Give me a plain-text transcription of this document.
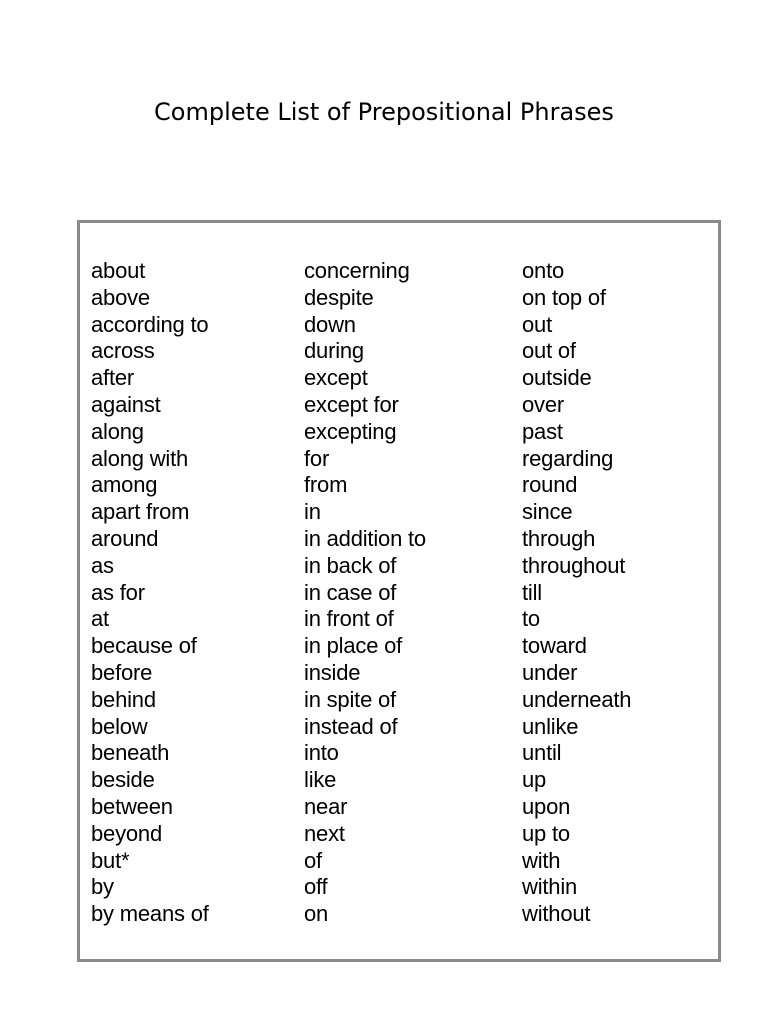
Complete List of Prepositional Phrases
about
above
according to
across
after
against
along
along with
among
apart from
around
as
as for
at
because of
before
behind
below
beneath
beside
between
beyond
but*
by
by means of
concerning
despite
down
during
except
except for
excepting
for
from
in
in addition to
in back of
in case of
in front of
in place of
inside
in spite of
instead of
into
like
near
next
of
off
on
onto
on top of
out
out of
outside
over
past
regarding
round
since
through
throughout
till
to
toward
under
underneath
unlike
until
up
upon
up to
with
within
without
